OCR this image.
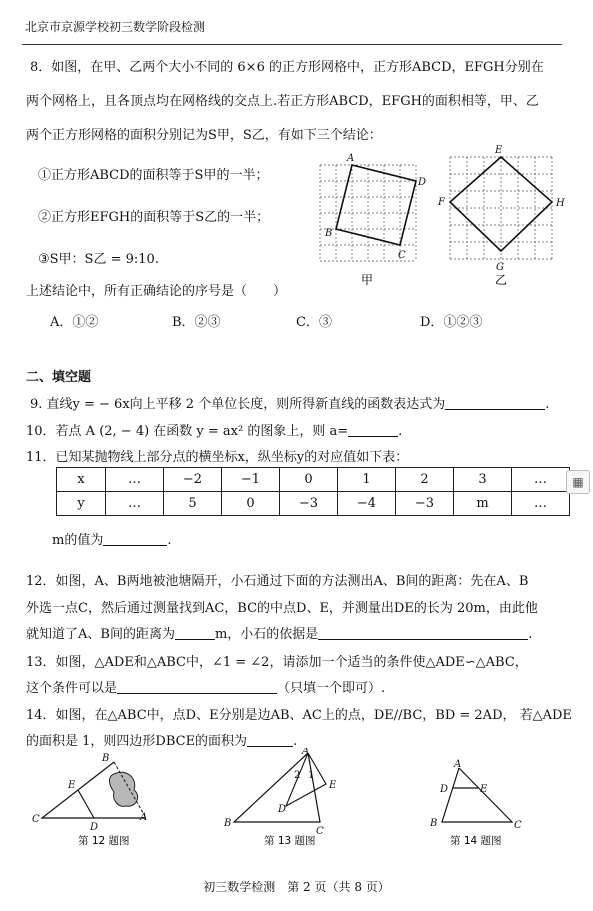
北京市京源学校初三数学阶段检测
8．如图，在甲、乙两个大小不同的 6×6 的正方形网格中，正方形ABCD，EFGH分别在
两个网格上，且各顶点均在网格线的交点上.若正方形ABCD，EFGH的面积相等，甲、乙
两个正方形网格的面积分别记为S甲，S乙，有如下三个结论：
①正方形ABCD的面积等于S甲的一半；
②正方形EFGH的面积等于S乙的一半；
③S甲：S乙 = 9:10.
上述结论中，所有正确结论的序号是（　　）
A．①②	B．②③	C．③	D．①②③
A
B
C
D
甲
E
F
G
H
乙
二、填空题
9. 直线y = − 6x向上平移 2 个单位长度，则所得新直线的函数表达式为	.
10．若点 A (2, − 4) 在函数 y = ax² 的图象上，则 a=	.
11．已知某抛物线上部分点的横坐标x，纵坐标y的对应值如下表：
x	…	−2	−1	0	1	2	3	…
y	…	5	0	−3	−4	−3	m	…
▦
m的值为	.
12．如图，A、B两地被池塘隔开，小石通过下面的方法测出A、B间的距离：先在A、B
外选一点C，然后通过测量找到AC，BC的中点D、E，并测量出DE的长为 20m，由此他
就知道了A、B间的距离为	m，小石的依据是	.
13．如图，△ADE和△ABC中，∠1 = ∠2，请添加一个适当的条件使△ADE∽△ABC，
这个条件可以是	（只填一个即可）.
14．如图，在△ABC中，点D、E分别是边AB、AC上的点，DE//BC，BD = 2AD， 若△ADE
的面积是 1，则四边形DBCE的面积为	.
B
E
C
D
A
第 12 题图
A
2 1
E
D
B
C
第 13 题图
A
D	E
B	C
第 14 题图
初三数学检测　第 2 页（共 8 页）
